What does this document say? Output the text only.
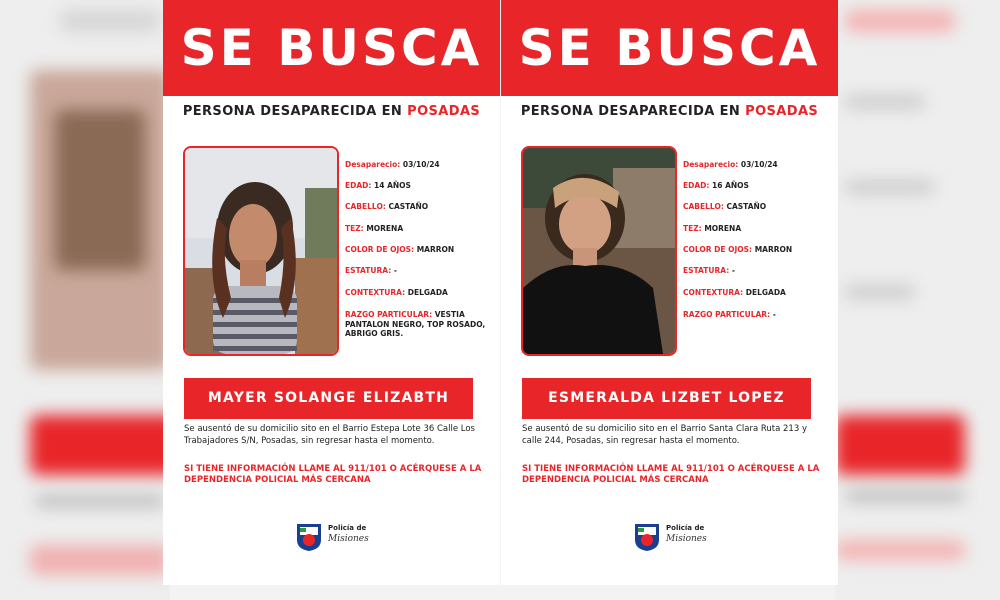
SE BUSCA
PERSONA DESAPARECIDA EN POSADAS
Desaparecio: 03/10/24
EDAD: 14 AÑOS
CABELLO: CASTAÑO
TEZ: MORENA
COLOR DE OJOS: MARRON
ESTATURA: -
CONTEXTURA: DELGADA
RAZGO PARTICULAR: VESTIA PANTALON NEGRO, TOP ROSADO, ABRIGO GRIS.
MAYER SOLANGE ELIZABTH
Se ausentó de su domicilio sito en el Barrio Estepa Lote 36 Calle Los Trabajadores S/N, Posadas, sin regresar hasta el momento.
SI TIENE INFORMACIÓN LLAME AL 911/101 O ACÉRQUESE A LA DEPENDENCIA POLICIAL MÁS CERCANA
Policía de
Misiones
SE BUSCA
PERSONA DESAPARECIDA EN POSADAS
Desaparecio: 03/10/24
EDAD: 16 AÑOS
CABELLO: CASTAÑO
TEZ: MORENA
COLOR DE OJOS: MARRON
ESTATURA: -
CONTEXTURA: DELGADA
RAZGO PARTICULAR: -
ESMERALDA LIZBET LOPEZ
Se ausentó de su domicilio sito en el Barrio Santa Clara Ruta 213 y calle 244, Posadas, sin regresar hasta el momento.
SI TIENE INFORMACIÓN LLAME AL 911/101 O ACÉRQUESE A LA DEPENDENCIA POLICIAL MÁS CERCANA
Policía de
Misiones
